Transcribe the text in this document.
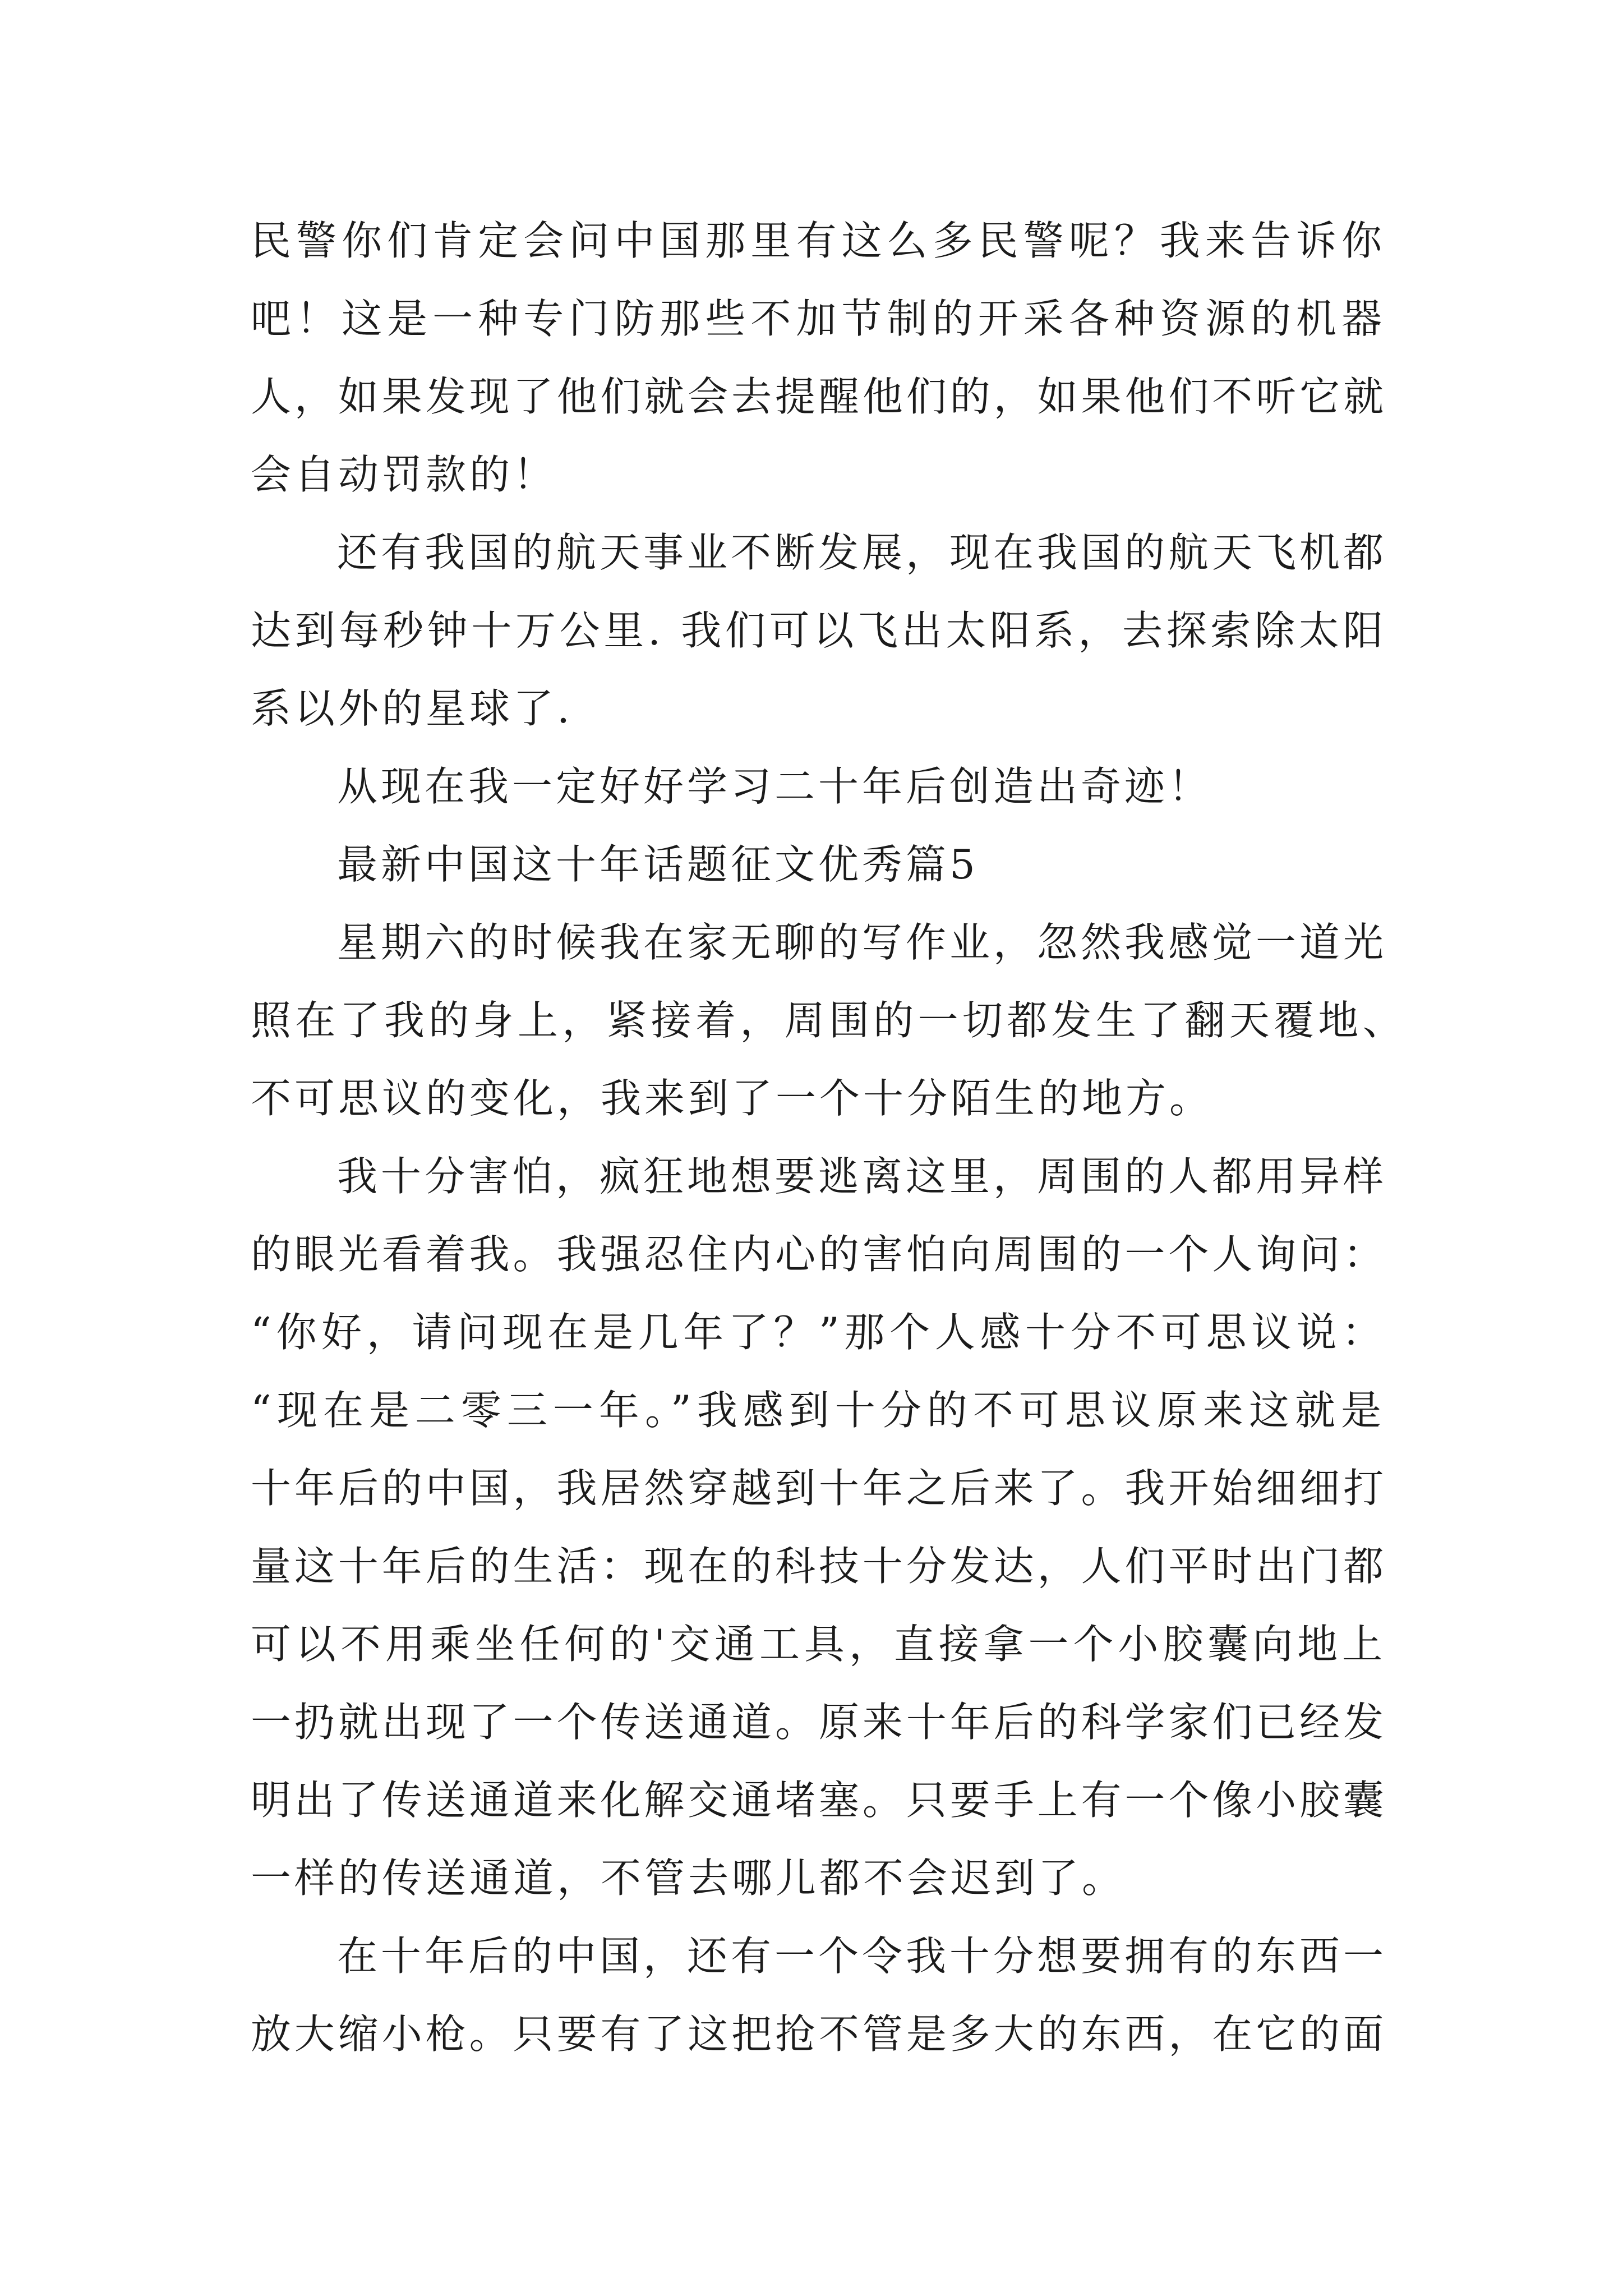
民警你们肯定会问中国那里有这么多民警呢？我来告诉你
吧！这是一种专门防那些不加节制的开采各种资源的机器
人，如果发现了他们就会去提醒他们的，如果他们不听它就
会自动罚款的！
还有我国的航天事业不断发展，现在我国的航天飞机都
达到每秒钟十万公里. 我们可以飞出太阳系，去探索除太阳
系以外的星球了.
从现在我一定好好学习二十年后创造出奇迹！
最新中国这十年话题征文优秀篇5
星期六的时候我在家无聊的写作业，忽然我感觉一道光
照在了我的身上，紧接着，周围的一切都发生了翻天覆地、
不可思议的变化，我来到了一个十分陌生的地方。
我十分害怕，疯狂地想要逃离这里，周围的人都用异样
的眼光看着我。我强忍住内心的害怕向周围的一个人询问：
“你好，请问现在是几年了？”那个人感十分不可思议说：
“现在是二零三一年。”我感到十分的不可思议原来这就是
十年后的中国，我居然穿越到十年之后来了。我开始细细打
量这十年后的生活：现在的科技十分发达，人们平时出门都
可以不用乘坐任何的'交通工具，直接拿一个小胶囊向地上
一扔就出现了一个传送通道。原来十年后的科学家们已经发
明出了传送通道来化解交通堵塞。只要手上有一个像小胶囊
一样的传送通道，不管去哪儿都不会迟到了。
在十年后的中国，还有一个令我十分想要拥有的东西一
放大缩小枪。只要有了这把抢不管是多大的东西，在它的面
